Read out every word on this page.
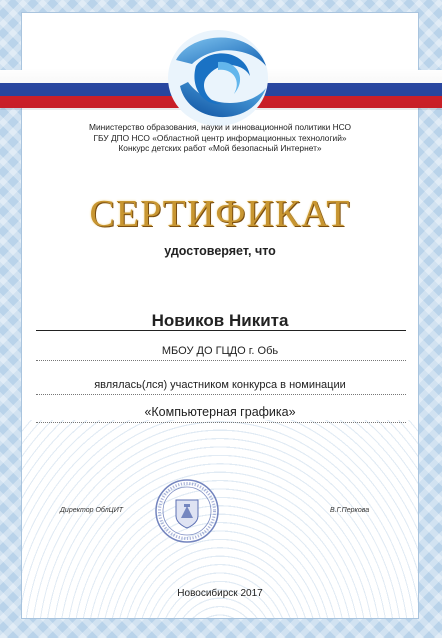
Министерство образования, науки и инновационной политики НСО
ГБУ ДПО НСО «Областной центр информационных технологий»
Конкурс детских работ «Мой безопасный Интернет»
СЕРТИФИКАТ
удостоверяет, что
Новиков Никита
МБОУ ДО ГЦДО г. Обь
являлась(лся) участником конкурса в номинации
«Компьютерная графика»
Директор ОблЦИТ	В.Г.Перкова
Новосибирск 2017
